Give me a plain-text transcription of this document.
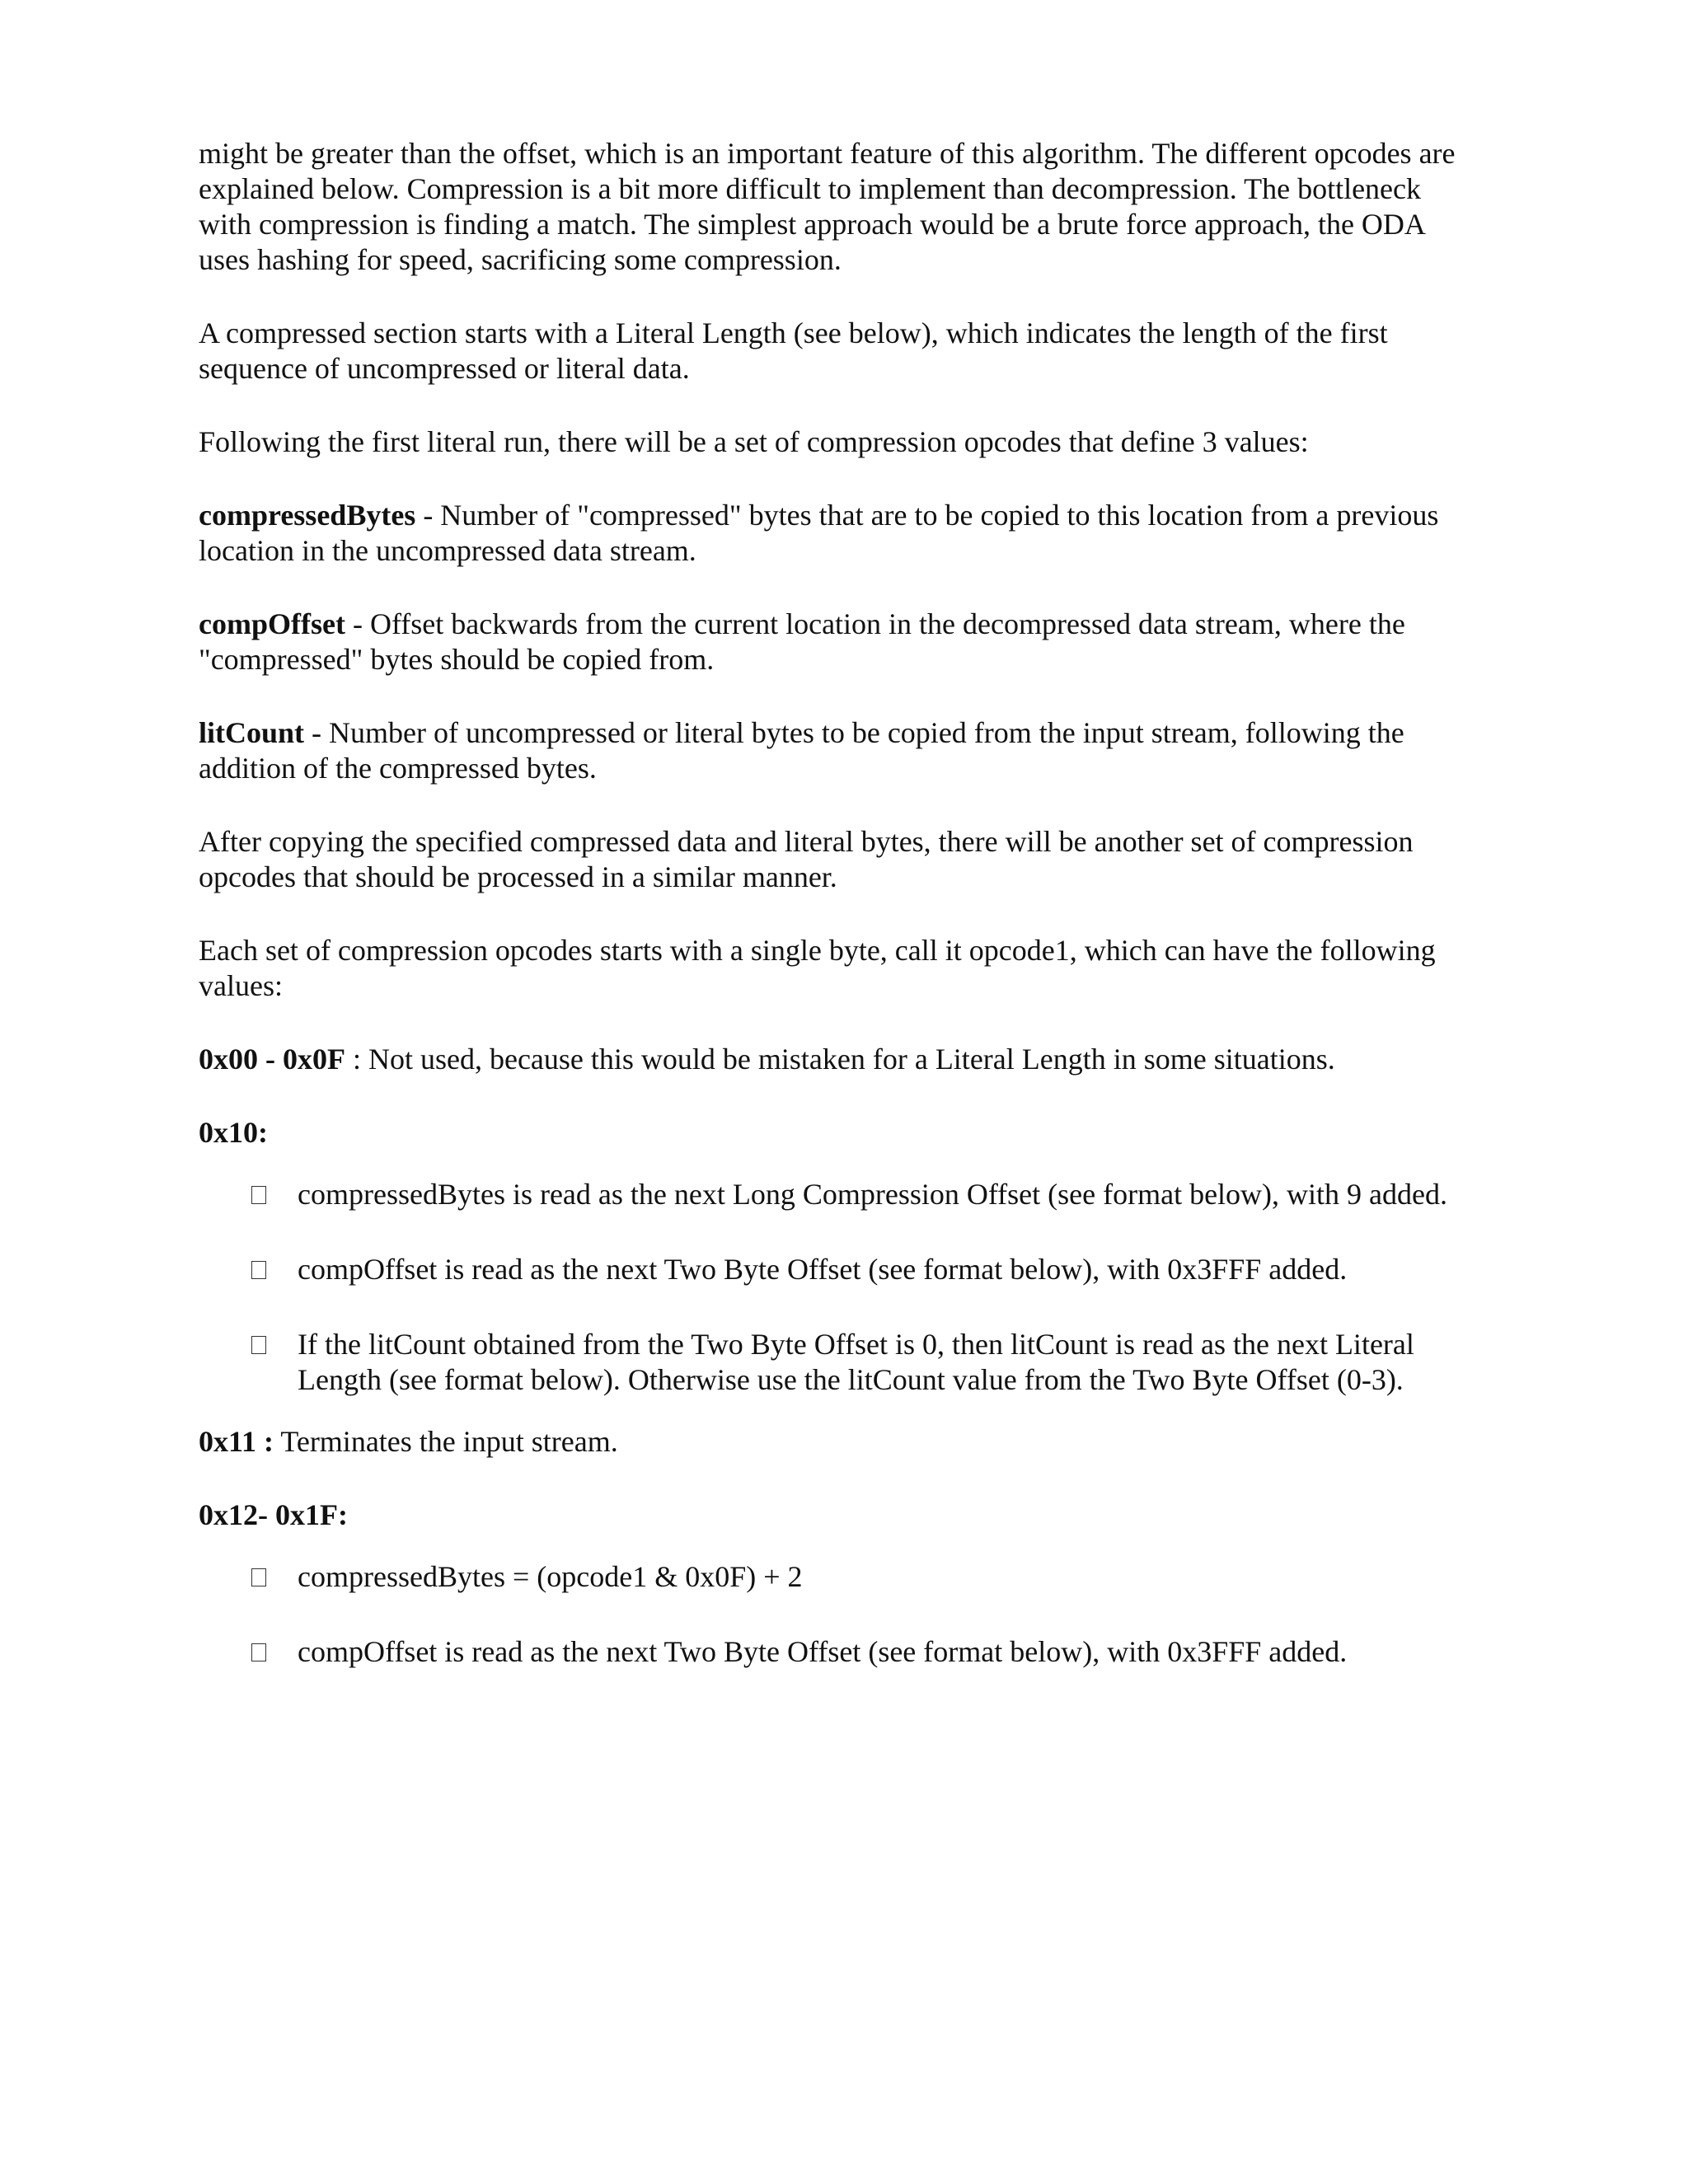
might be greater than the offset, which is an important feature of this algorithm. The different opcodes are explained below. Compression is a bit more difficult to implement than decompression. The bottleneck with compression is finding a match. The simplest approach would be a brute force approach, the ODA uses hashing for speed, sacrificing some compression.

A compressed section starts with a Literal Length (see below), which indicates the length of the first sequence of uncompressed or literal data.

Following the first literal run, there will be a set of compression opcodes that define 3 values:

compressedBytes - Number of "compressed" bytes that are to be copied to this location from a previous location in the uncompressed data stream.

compOffset - Offset backwards from the current location in the decompressed data stream, where the "compressed" bytes should be copied from.

litCount - Number of uncompressed or literal bytes to be copied from the input stream, following the addition of the compressed bytes.

After copying the specified compressed data and literal bytes, there will be another set of compression opcodes that should be processed in a similar manner.

Each set of compression opcodes starts with a single byte, call it opcode1, which can have the following values:

0x00 - 0x0F : Not used, because this would be mistaken for a Literal Length in some situations.

0x10:

compressedBytes is read as the next Long Compression Offset (see format below), with 9 added.
compOffset is read as the next Two Byte Offset (see format below), with 0x3FFF added.
If the litCount obtained from the Two Byte Offset is 0, then litCount is read as the next Literal Length (see format below). Otherwise use the litCount value from the Two Byte Offset (0-3).

0x11 : Terminates the input stream.

0x12- 0x1F:

compressedBytes = (opcode1 & 0x0F) + 2
compOffset is read as the next Two Byte Offset (see format below), with 0x3FFF added.
